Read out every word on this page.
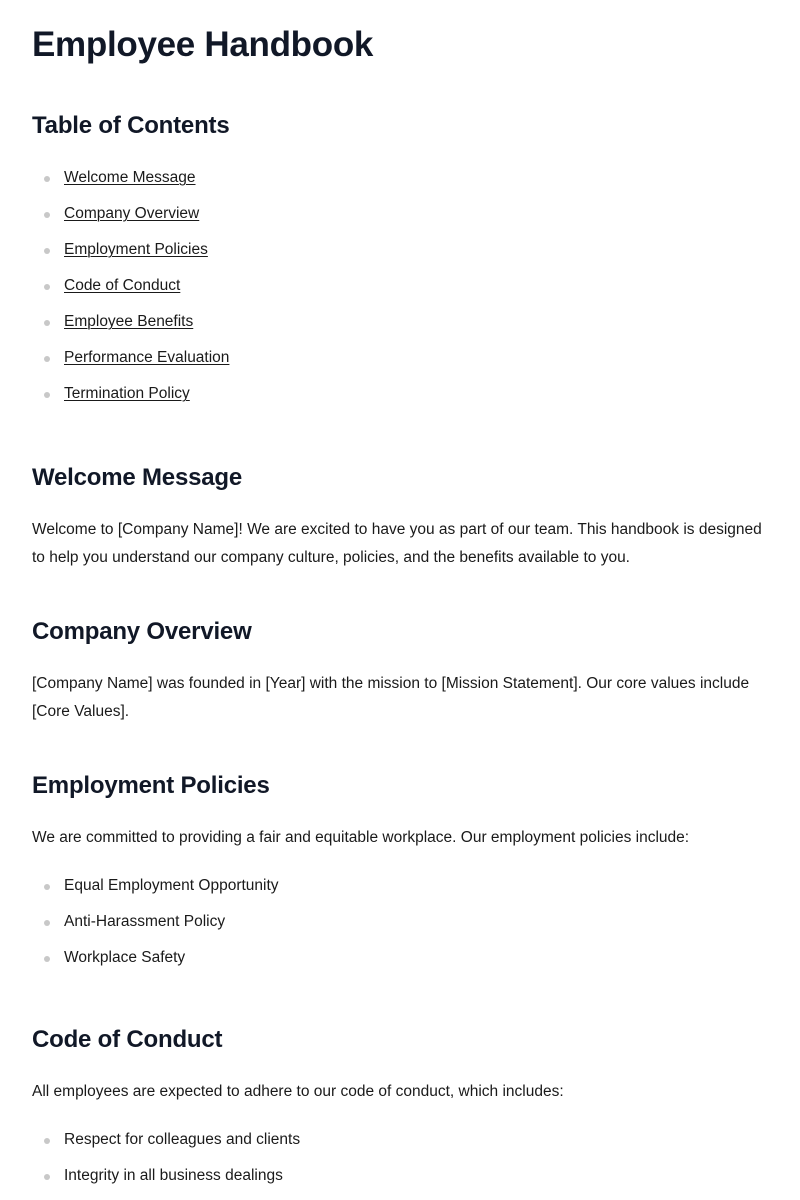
Employee Handbook
Table of Contents
Welcome Message
Company Overview
Employment Policies
Code of Conduct
Employee Benefits
Performance Evaluation
Termination Policy
Welcome Message

Welcome to [Company Name]! We are excited to have you as part of our team. This handbook is designed to help you understand our company culture, policies, and the benefits available to you.

Company Overview

[Company Name] was founded in [Year] with the mission to [Mission Statement]. Our core values include [Core Values].

Employment Policies

We are committed to providing a fair and equitable workplace. Our employment policies include:

Equal Employment Opportunity
Anti-Harassment Policy
Workplace Safety
Code of Conduct

All employees are expected to adhere to our code of conduct, which includes:

Respect for colleagues and clients
Integrity in all business dealings
